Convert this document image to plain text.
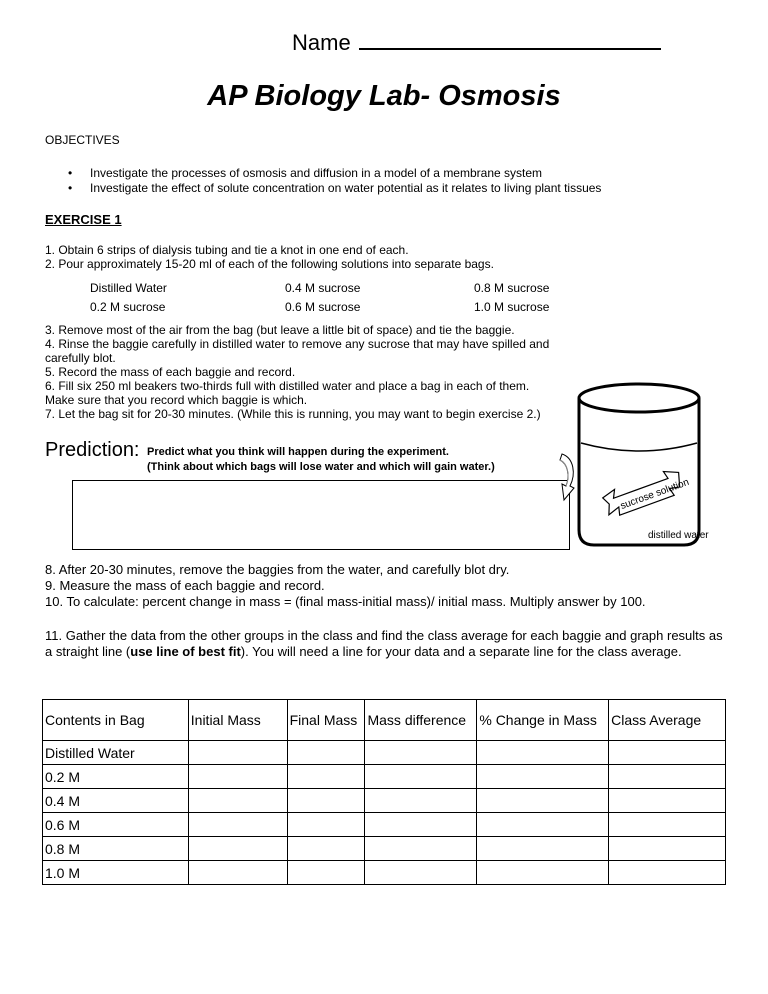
Name
AP Biology Lab- Osmosis
OBJECTIVES
• Investigate the processes of osmosis and diffusion in a model of a membrane system
• Investigate the effect of solute concentration on water potential as it relates to living plant tissues
EXERCISE 1
1. Obtain 6 strips of dialysis tubing and tie a knot in one end of each.
2. Pour approximately 15-20 ml of each of the following solutions into separate bags.
Distilled Water	0.4 M sucrose	0.8 M sucrose
0.2 M sucrose	0.6 M sucrose	1.0 M sucrose
3. Remove most of the air from the bag (but leave a little bit of space) and tie the baggie.
4. Rinse the baggie carefully in distilled water to remove any sucrose that may have spilled and
carefully blot.
5. Record the mass of each baggie and record.
6. Fill six 250 ml beakers two-thirds full with distilled water and place a bag in each of them.
Make sure that you record which baggie is which.
7. Let the bag sit for 20-30 minutes. (While this is running, you may want to begin exercise 2.)
Prediction: Predict what you think will happen during the experiment.
(Think about which bags will lose water and which will gain water.)
sucrose solution
distilled water
8. After 20-30 minutes, remove the baggies from the water, and carefully blot dry.
9. Measure the mass of each baggie and record.
10. To calculate: percent change in mass = (final mass-initial mass)/ initial mass. Multiply answer by 100.
11. Gather the data from the other groups in the class and find the class average for each baggie and graph results as a straight line (use line of best fit). You will need a line for your data and a separate line for the class average.
Contents in Bag	Initial Mass	Final Mass	Mass difference	% Change in Mass	Class Average
Distilled Water					
0.2 M					
0.4 M					
0.6 M					
0.8 M					
1.0 M					
